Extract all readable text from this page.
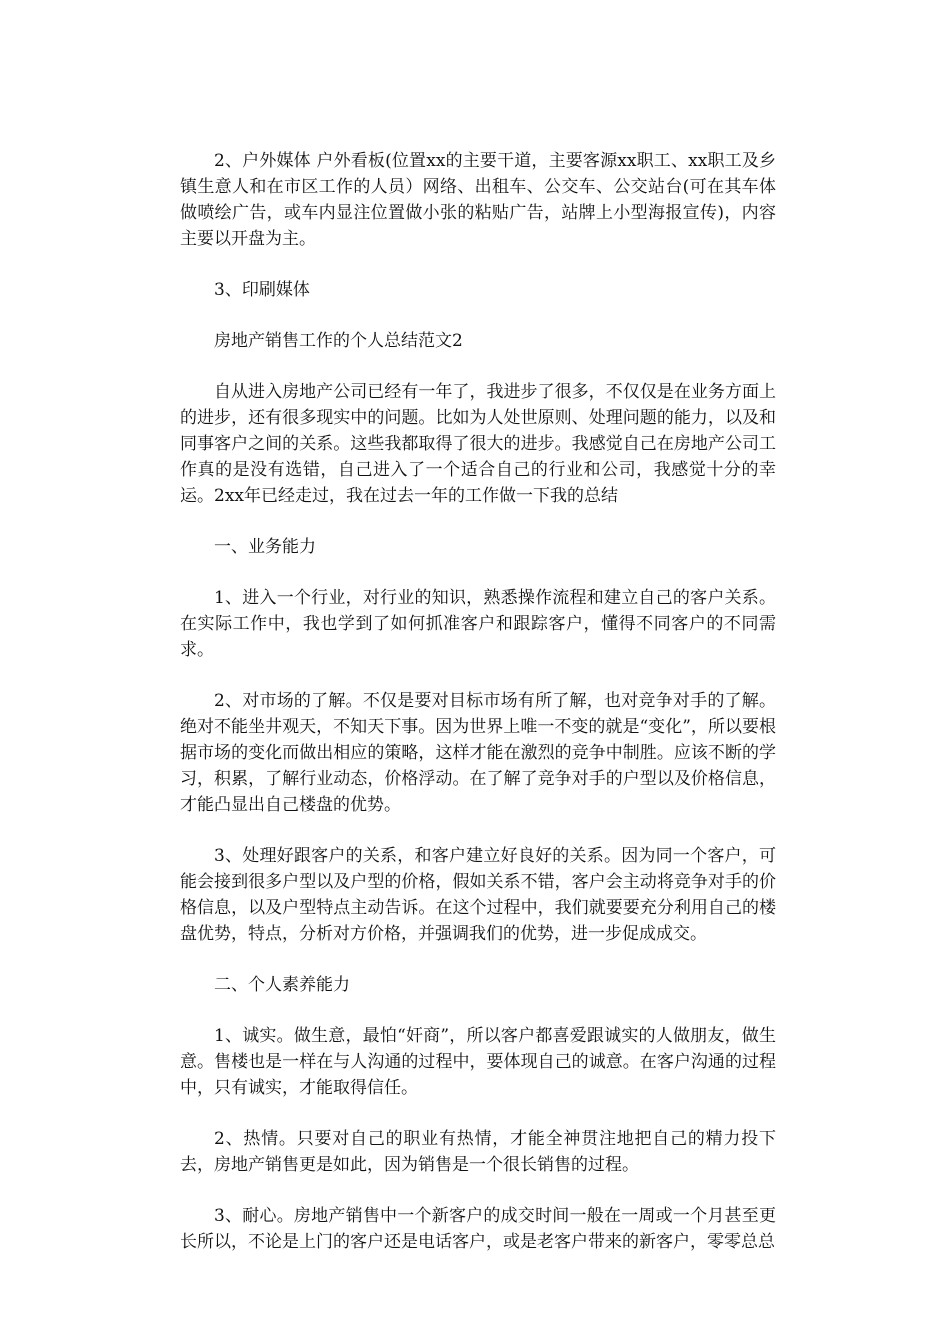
2、户外媒体 户外看板(位置xx的主要干道，主要客源xx职工、xx职工及乡镇生意人和在市区工作的人员）网络、出租车、公交车、公交站台(可在其车体做喷绘广告，或车内显注位置做小张的粘贴广告，站牌上小型海报宣传)，内容主要以开盘为主。

3、印刷媒体

房地产销售工作的个人总结范文2

自从进入房地产公司已经有一年了，我进步了很多，不仅仅是在业务方面上的进步，还有很多现实中的问题。比如为人处世原则、处理问题的能力，以及和同事客户之间的关系。这些我都取得了很大的进步。我感觉自己在房地产公司工作真的是没有选错，自己进入了一个适合自己的行业和公司，我感觉十分的幸运。2xx年已经走过，我在过去一年的工作做一下我的总结

一、业务能力

1、进入一个行业，对行业的知识，熟悉操作流程和建立自己的客户关系。在实际工作中，我也学到了如何抓准客户和跟踪客户，懂得不同客户的不同需求。

2、对市场的了解。不仅是要对目标市场有所了解，也对竞争对手的了解。绝对不能坐井观天，不知天下事。因为世界上唯一不变的就是“变化”，所以要根据市场的变化而做出相应的策略，这样才能在激烈的竞争中制胜。应该不断的学习，积累，了解行业动态，价格浮动。在了解了竞争对手的户型以及价格信息，才能凸显出自己楼盘的优势。

3、处理好跟客户的关系，和客户建立好良好的关系。因为同一个客户，可能会接到很多户型以及户型的价格，假如关系不错，客户会主动将竞争对手的价格信息，以及户型特点主动告诉。在这个过程中，我们就要要充分利用自己的楼盘优势，特点，分析对方价格，并强调我们的优势，进一步促成成交。

二、个人素养能力

1、诚实。做生意，最怕“奸商”，所以客户都喜爱跟诚实的人做朋友，做生意。售楼也是一样在与人沟通的过程中，要体现自己的诚意。在客户沟通的过程中，只有诚实，才能取得信任。

2、热情。只要对自己的职业有热情，才能全神贯注地把自己的精力投下去，房地产销售更是如此，因为销售是一个很长销售的过程。

3、耐心。房地产销售中一个新客户的成交时间一般在一周或一个月甚至更长所以，不论是上门的客户还是电话客户，或是老客户带来的新客户，零零总总
